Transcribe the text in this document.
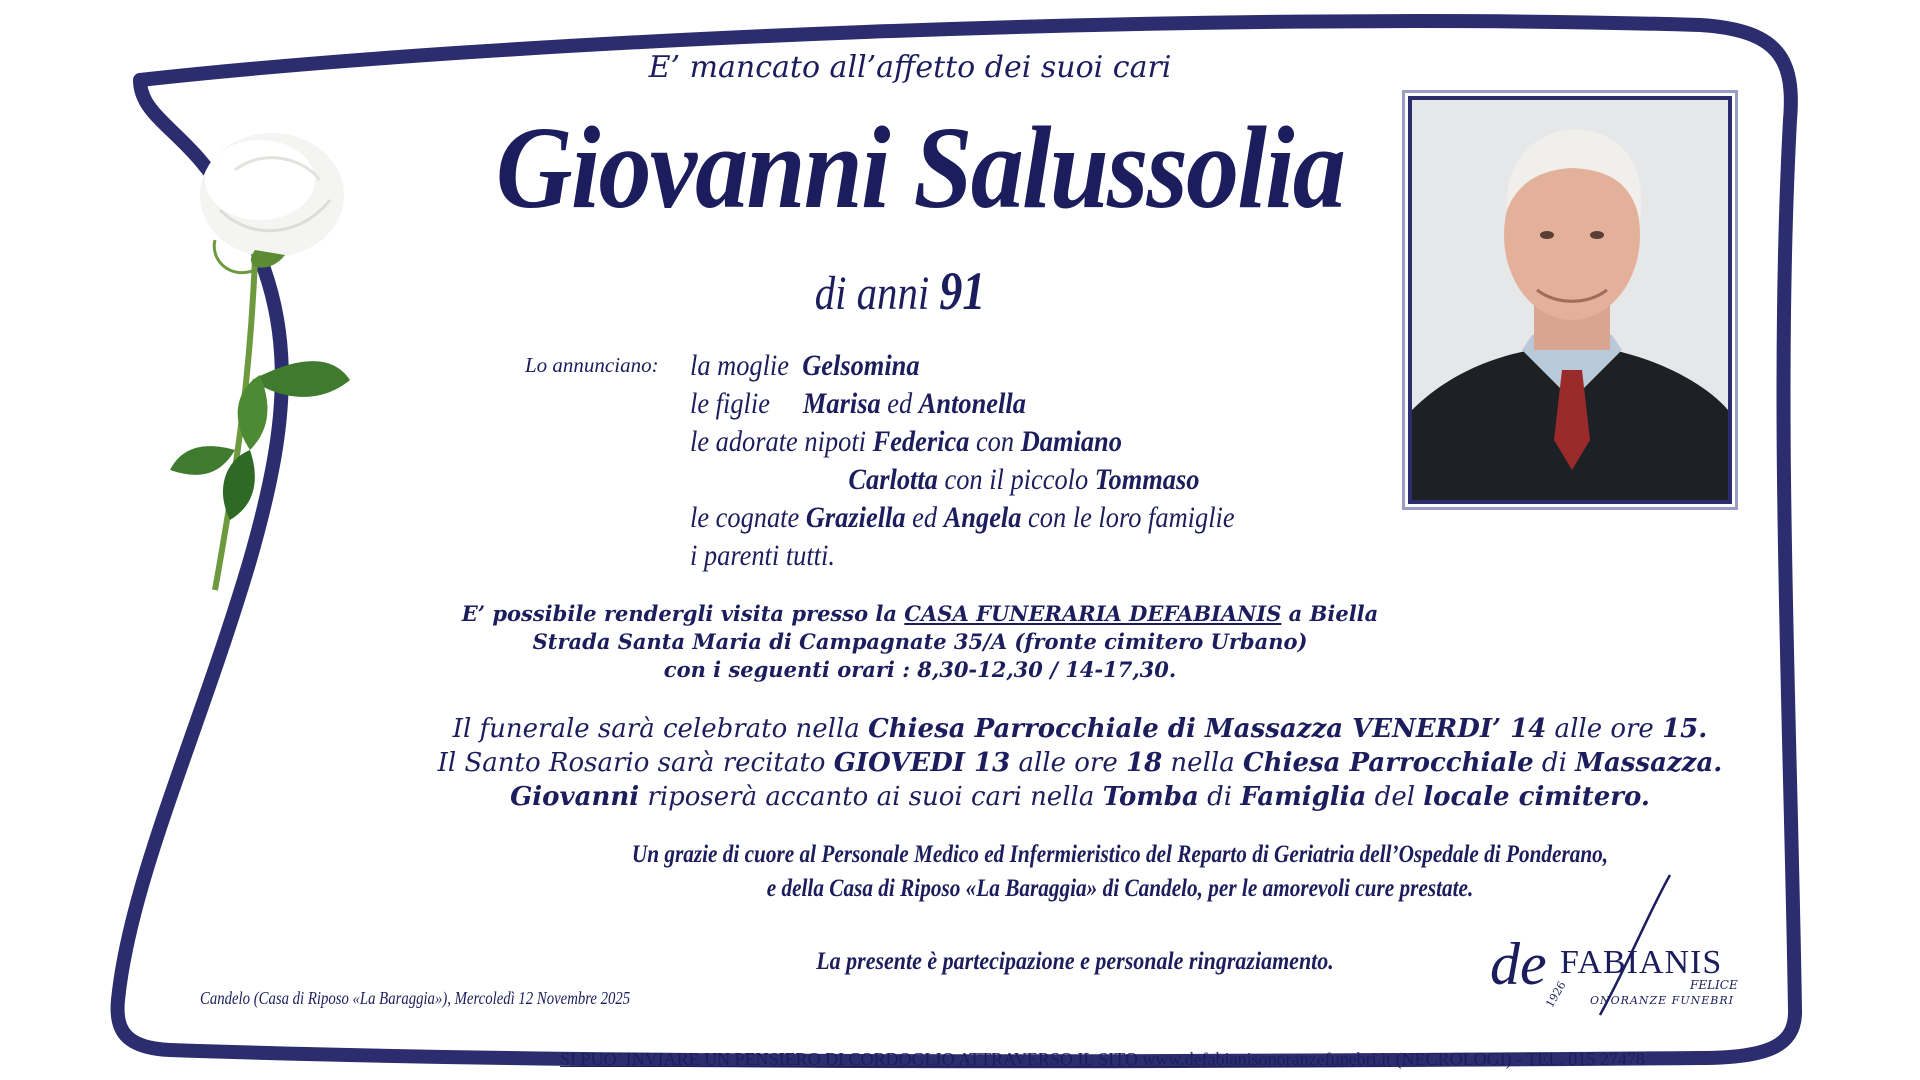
E’ mancato all’affetto dei suoi cari
Giovanni Salussolia
di anni 91
Lo annunciano: la moglie  Gelsomina
le figlie     Marisa ed Antonella
le adorate nipoti Federica con Damiano
Carlotta con il piccolo Tommaso
le cognate Graziella ed Angela con le loro famiglie
i parenti tutti.
E’ possibile rendergli visita presso la CASA FUNERARIA DEFABIANIS a Biella
Strada Santa Maria di Campagnate 35/A (fronte cimitero Urbano)
con i seguenti orari : 8,30-12,30 / 14-17,30.
Il funerale sarà celebrato nella Chiesa Parrocchiale di Massazza VENERDI’ 14 alle ore 15.
Il Santo Rosario sarà recitato GIOVEDI 13 alle ore 18 nella Chiesa Parrocchiale di Massazza.
Giovanni riposerà accanto ai suoi cari nella Tomba di Famiglia del locale cimitero.
Un grazie di cuore al Personale Medico ed Infermieristico del Reparto di Geriatria dell’Ospedale di Ponderano,
e della Casa di Riposo «La Baraggia» di Candelo, per le amorevoli cure prestate.
La presente è partecipazione e personale ringraziamento.
Candelo (Casa di Riposo «La Baraggia»), Mercoledì 12 Novembre 2025
de FABIANIS
FELICE
ONORANZE FUNEBRI
1926
SI PUO’ INVIARE UN PENSIERO DI CORDOGLIO ATTRAVERSO IL SITO www.defabianisonoranzefunebri.it (NECROLOGI) - TEL. 015 27478
